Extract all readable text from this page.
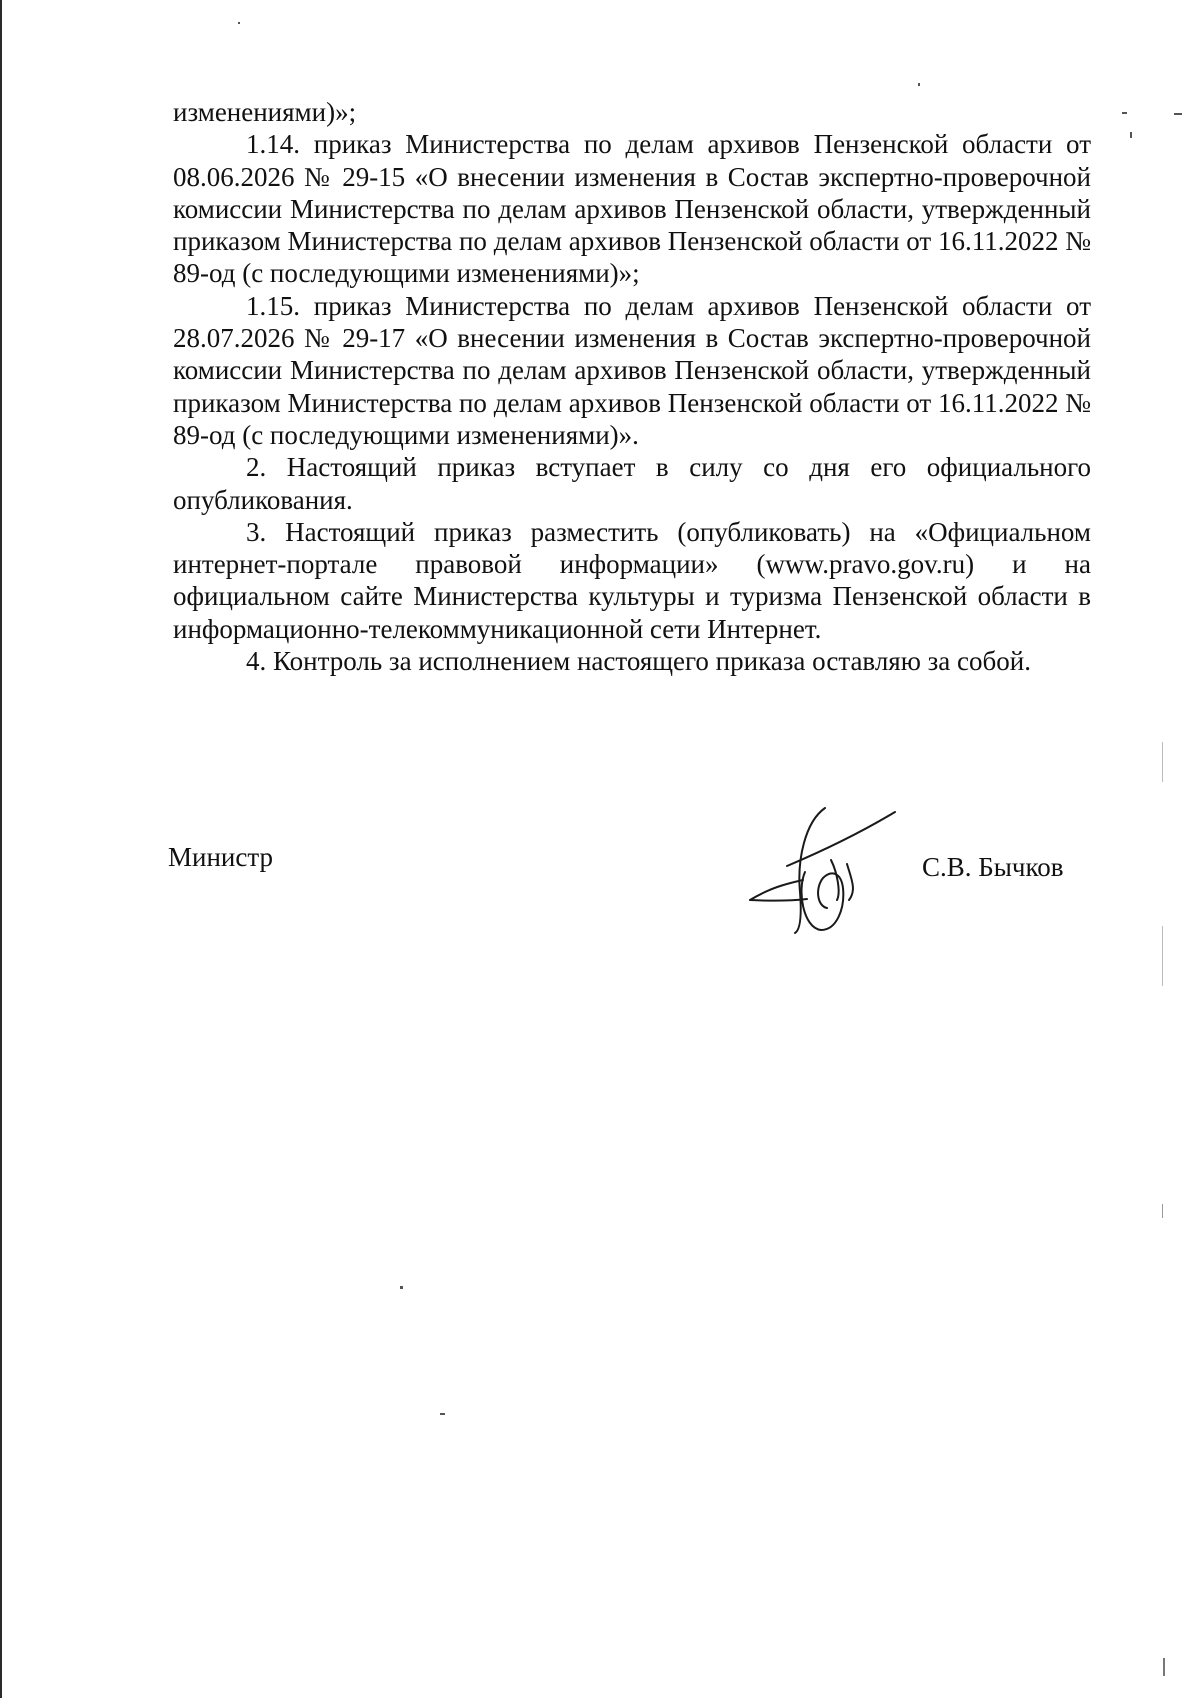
изменениями)»;

1.14. приказ Министерства по делам архивов Пензенской области от 08.06.2026 № 29-15 «О внесении изменения в Состав экспертно-проверочной комиссии Министерства по делам архивов Пензенской области, утвержденный приказом Министерства по делам архивов Пензенской области от 16.11.2022 № 89-од (с последующими изменениями)»;

1.15. приказ Министерства по делам архивов Пензенской области от 28.07.2026 № 29-17 «О внесении изменения в Состав экспертно-проверочной комиссии Министерства по делам архивов Пензенской области, утвержденный приказом Министерства по делам архивов Пензенской области от 16.11.2022 № 89-од (с последующими изменениями)».

2. Настоящий приказ вступает в силу со дня его официального опубликования.

3. Настоящий приказ разместить (опубликовать) на «Официальном интернет-портале правовой информации» (www.pravo.gov.ru) и на официальном сайте Министерства культуры и туризма Пензенской области в информационно-телекоммуникационной сети Интернет.

4. Контроль за исполнением настоящего приказа оставляю за собой.

Министр	С.В. Бычков
